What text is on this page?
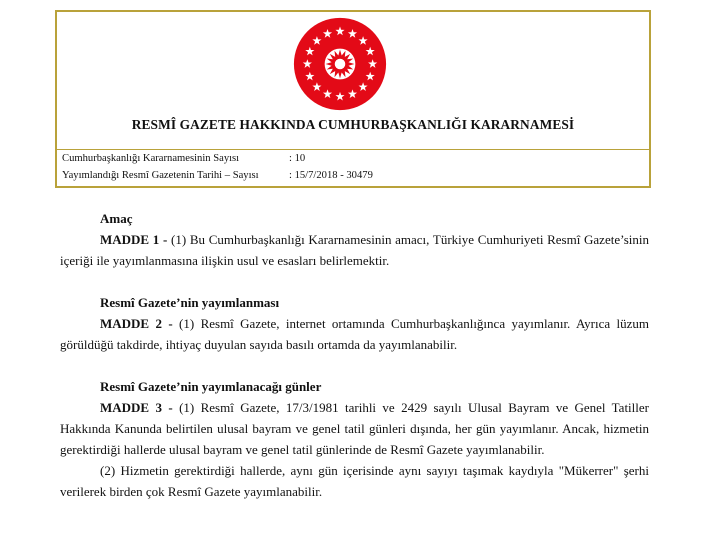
RESMÎ GAZETE HAKKINDA CUMHURBAŞKANLIĞI KARARNAMESİ
Cumhurbaşkanlığı Kararnamesinin Sayısı	: 10
Yayımlandığı Resmî Gazetenin Tarihi – Sayısı	: 15/7/2018 - 30479

Amaç

MADDE 1 - (1) Bu Cumhurbaşkanlığı Kararnamesinin amacı, Türkiye Cumhuriyeti Resmî Gazete’sinin içeriği ile yayımlanmasına ilişkin usul ve esasları belirlemektir.

Resmî Gazete’nin yayımlanması

MADDE 2 - (1) Resmî Gazete, internet ortamında Cumhurbaşkanlığınca yayımlanır. Ayrıca lüzum görüldüğü takdirde, ihtiyaç duyulan sayıda basılı ortamda da yayımlanabilir.

Resmî Gazete’nin yayımlanacağı günler

MADDE 3 - (1) Resmî Gazete, 17/3/1981 tarihli ve 2429 sayılı Ulusal Bayram ve Genel Tatiller Hakkında Kanunda belirtilen ulusal bayram ve genel tatil günleri dışında, her gün yayımlanır. Ancak, hizmetin gerektirdiği hallerde ulusal bayram ve genel tatil günlerinde de Resmî Gazete yayımlanabilir.

(2) Hizmetin gerektirdiği hallerde, aynı gün içerisinde aynı sayıyı taşımak kaydıyla "Mükerrer" şerhi verilerek birden çok Resmî Gazete yayımlanabilir.
